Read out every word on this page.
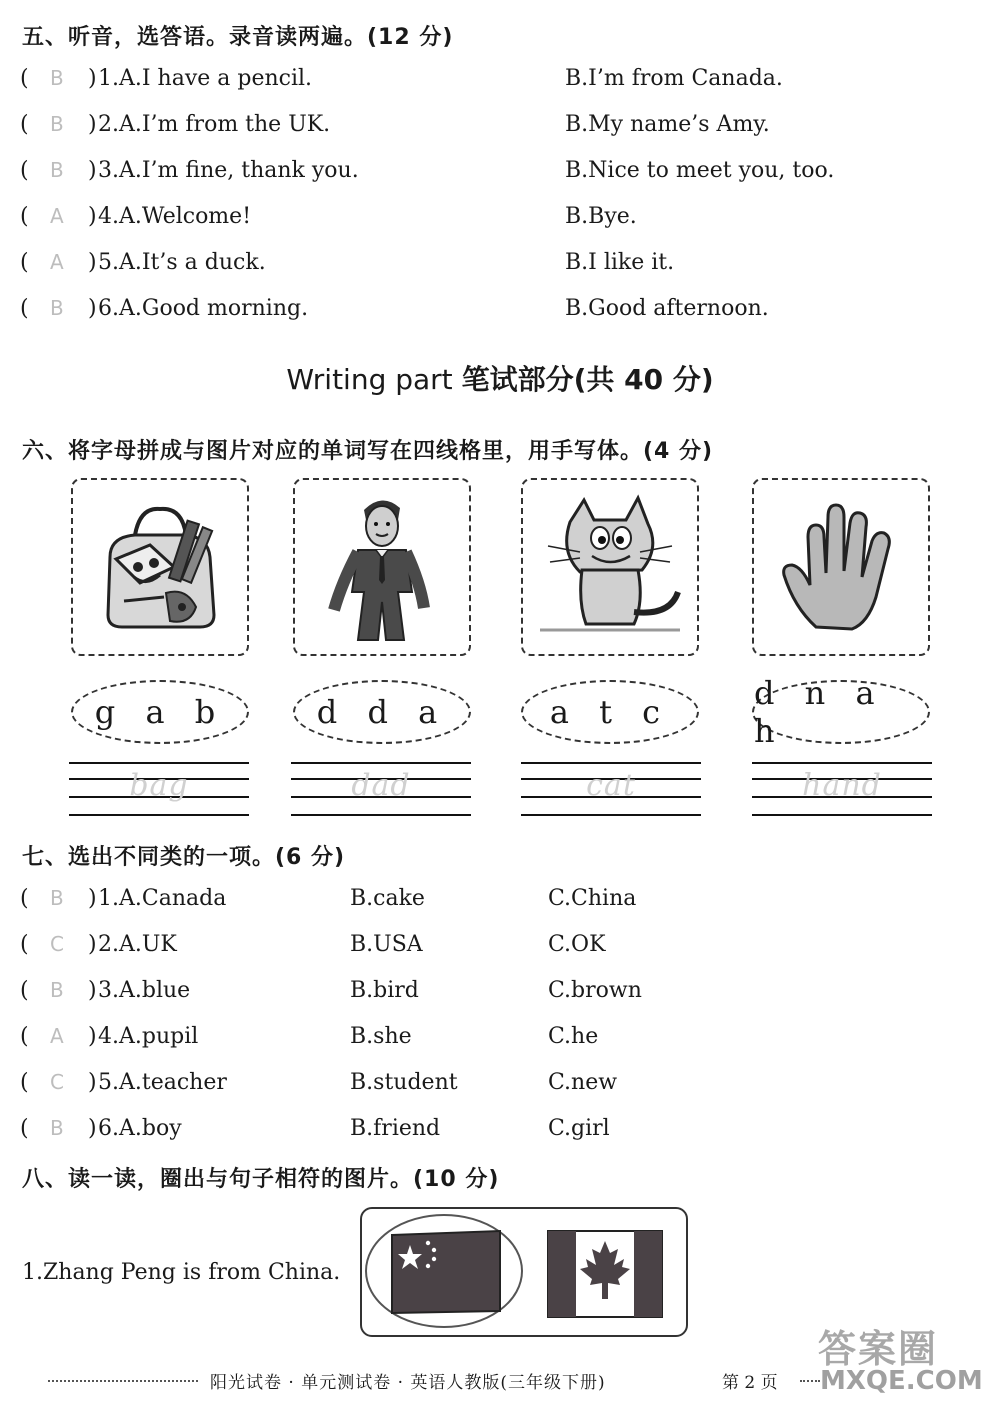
五、听音，选答语。录音读两遍。(12 分)
( B ) 1.A.I have a pencil.	B.I’m from Canada.
( B ) 2.A.I’m from the UK.	B.My name’s Amy.
( B ) 3.A.I’m fine, thank you.	B.Nice to meet you, too.
( A ) 4.A.Welcome!	B.Bye.
( A ) 5.A.It’s a duck.	B.I like it.
( B ) 6.A.Good morning.	B.Good afternoon.
Writing part 笔试部分(共 40 分)
六、将字母拼成与图片对应的单词写在四线格里，用手写体。(4 分)
g a b	d d a	a t c	d n a h
bag	dad	cat	hand
七、选出不同类的一项。(6 分)
( B ) 1.A.Canada	B.cake	C.China
( C ) 2.A.UK	B.USA	C.OK
( B ) 3.A.blue	B.bird	C.brown
( A ) 4.A.pupil	B.she	C.he
( C ) 5.A.teacher	B.student	C.new
( B ) 6.A.boy	B.friend	C.girl
八、读一读，圈出与句子相符的图片。(10 分)
1.Zhang Peng is from China.
阳光试卷 · 单元测试卷 · 英语人教版(三年级下册)	第 2 页
答案圈
MXQE.COM
